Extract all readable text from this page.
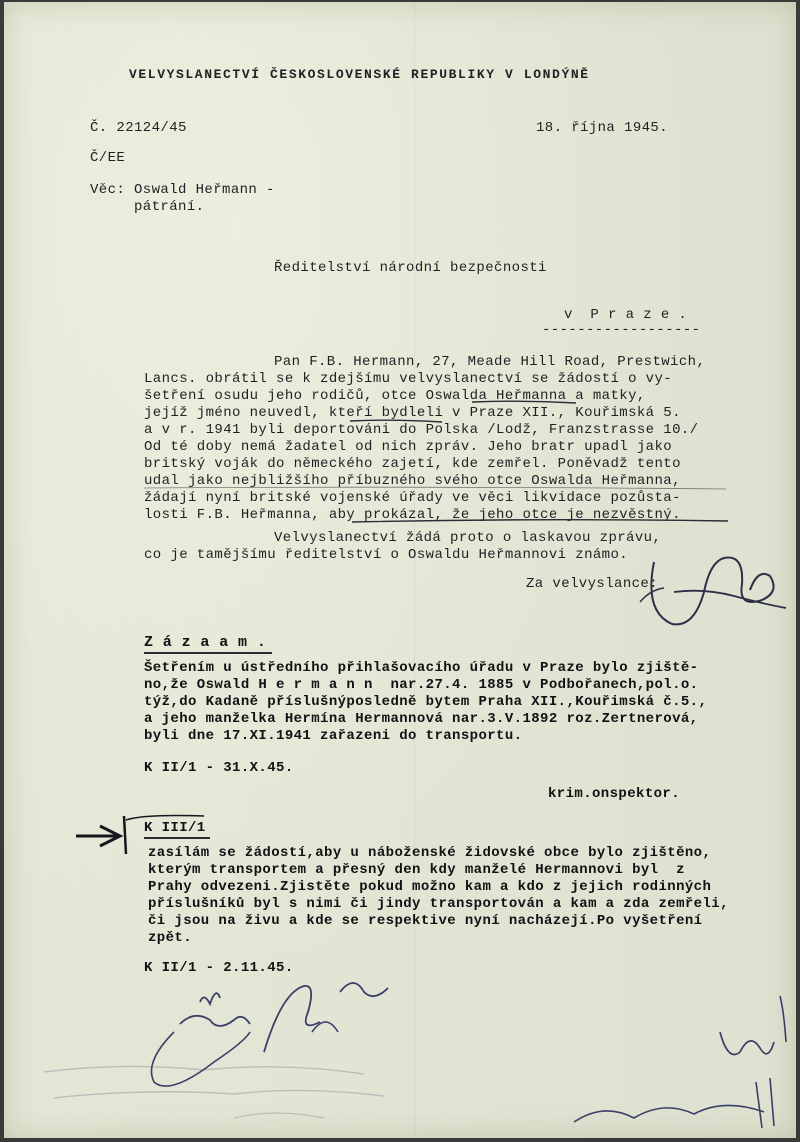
VELVYSLANECTVÍ ČESKOSLOVENSKÉ REPUBLIKY V LONDÝNĚ
Č. 22124/45	18. října 1945.
Č/EE
Věc: Oswald Heřmann -
pátrání.
Ředitelství národní bezpečnosti
v  P r a z e .
------------------
Pan F.B. Hermann, 27, Meade Hill Road, Prestwich,
Lancs. obrátil se k zdejšímu velvyslanectví se žádostí o vy-
šetření osudu jeho rodičů, otce Oswalda Heřmanna a matky,
jejíž jméno neuvedl, kteří bydleli v Praze XII., Kouřimská 5.
a v r. 1941 byli deportováni do Polska /Lodž, Franzstrasse 10./
Od té doby nemá žadatel od nich zpráv. Jeho bratr upadl jako
britský voják do německého zajetí, kde zemřel. Poněvadž tento
udal jako nejbližšího příbuzného svého otce Oswalda Heřmanna,
žádají nyní britské vojenské úřady ve věci likvidace pozůsta-
losti F.B. Heřmanna, aby prokázal, že jeho otce je nezvěstný.
Velvyslanectví žádá proto o laskavou zprávu,
co je tamějšímu ředitelství o Oswaldu Heřmannovi známo.
Za velvyslance:
Z á z a a m .
Šetřením u ústředního přihlašovacího úřadu v Praze bylo zjiště-
no,že Oswald H e r m a n n  nar.27.4. 1885 v Podbořanech,pol.o.
týž,do Kadaně příslušnýposledně bytem Praha XII.,Kouřimská č.5.,
a jeho manželka Hermína Hermannová nar.3.V.1892 roz.Zertnerová,
byli dne 17.XI.1941 zařazeni do transportu.
K II/1 - 31.X.45.
krim.onspektor.
K III/1
zasílám se žádostí,aby u náboženské židovské obce bylo zjištěno,
kterým transportem a přesný den kdy manželé Hermannovi byl  z
Prahy odvezeni.Zjistěte pokud možno kam a kdo z jejich rodinných
příslušníků byl s nimi či jindy transportován a kam a zda zemřeli,
či jsou na živu a kde se respektive nyní nacházejí.Po vyšetření
zpět.
K II/1 - 2.11.45.
